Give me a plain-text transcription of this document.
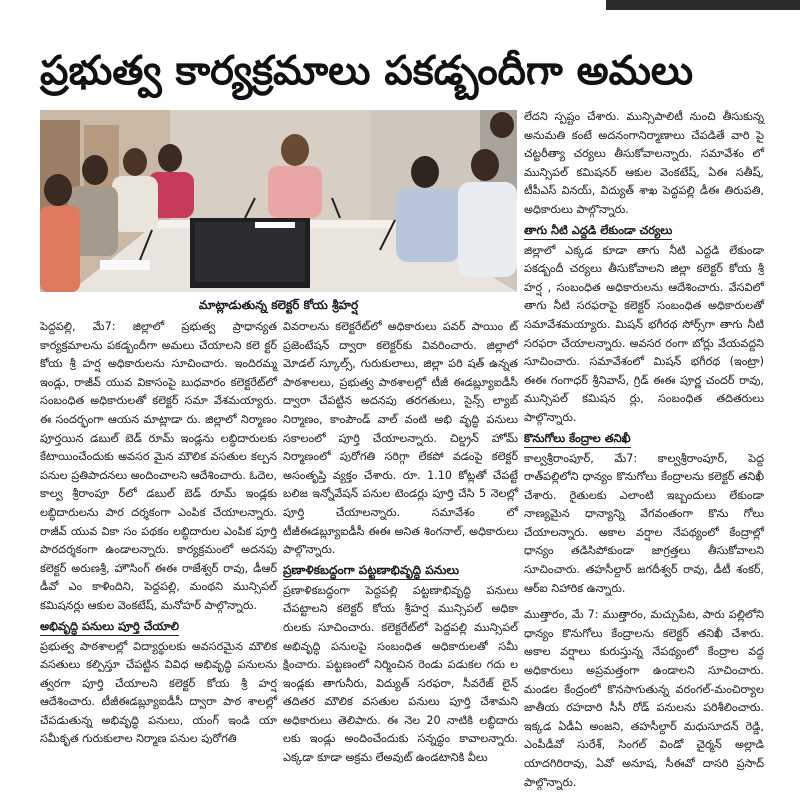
ప్రభుత్వ కార్యక్రమాలు పకడ్బందీగా అమలు
మాట్లాడుతున్న కలెక్టర్ కోయ శ్రీహర్ష

పెద్దపల్లి, మే7: జిల్లాలో ప్రభుత్వ ప్రాధాన్యత కార్యక్రమాలను పకడ్బందీగా అమలు చేయాలని కలె క్టర్ కోయ శ్రీ హర్ష అధికారులను సూచించారు. ఇందిరమ్మ ఇండ్లు, రాజీవ్ యువ వికాసంపై బుధవారం కలెక్టరేట్‌లో సంబంధిత అధికారులతో కలెక్టర్ సమా వేశమయ్యారు. ఈ సందర్భంగా ఆయన మాట్లాడా రు. జిల్లాలో నిర్మాణం పూర్తయిన డబుల్ బెడ్ రూమ్ ఇండ్లను లబ్ధిదారులకు కేటాయించేందుకు అవసర మైన మౌలిక వసతుల కల్పన పనుల ప్రతిపాదనలు అందించాలని ఆదేశించారు. ఓదెల, కాల్వ శ్రీరాంపూ ర్‌లో డబుల్ బెడ్ రూమ్ ఇండ్లకు లబ్ధిదారులను పార దర్శకంగా ఎంపిక చేయాలన్నారు. రాజీవ్ యువ వికా సం పథకం లబ్ధిదారుల ఎంపిక పూర్తి పారదర్శకంగా ఉండాలన్నారు. కార్యక్రమంలో అదనపు కలెక్టర్ అరుణశ్రీ, హౌసింగ్ ఈఈ రాజేశ్వర్ రావు, డీఆర్ డీవో ఎం కాళిందిని, పెద్దపల్లి, మంథని మున్సిపల్ కమిషనర్లు ఆకుల వెంకటేష్, మనోహర్ పాల్గొన్నారు.

అభివృద్ధి పనులు పూర్తి చేయాలి

ప్రభుత్వ పాఠశాలల్లో విద్యార్థులకు అవసరమైన మౌలిక వసతులు కల్పిస్తూ చేపట్టిన వివిధ అభివృద్ధి పనులను త్వరగా పూర్తి చేయాలని కలెక్టర్ కోయ శ్రీ హర్ష ఆదేశించారు. టీజీఈడబ్ల్యూఐడీసీ ద్వారా పాఠ శాలల్లో చేపడుతున్న అభివృద్ధి పనులు, యంగ్ ఇండి యా సమీకృత గురుకులాల నిర్మాణ పనుల పురోగతి

వివరాలను కలెక్టరేట్‌లో అధికారులు పవర్ పాయిం ట్ ప్రజెంటేషన్ ద్వారా కలెక్టర్‌కు వివరించారు. జిల్లాలో మోడల్ స్కూల్స్, గురుకులాలు, జిల్లా పరి షత్ ఉన్నత పాఠశాలలు, ప్రభుత్వ పాఠశాలల్లో టీజీ ఈడబ్ల్యూఐడీసీ ద్వారా చేపట్టిన అదనపు తరగతులు, సైన్స్ ల్యాబ్ నిర్మాణం, కాంపౌండ్ వాల్ వంటి అభి వృద్ధి పనులు సకాలంలో పూర్తి చేయాలన్నారు. చిల్డ్రన్ హోమ్ నిర్మాణంలో పురోగతి సరిగ్గా లేకపో వడంపై కలెక్టర్ అసంతృప్తి వ్యక్తం చేశారు. రూ. 1.10 కోట్లతో చేపట్టే బలిజ ఇన్నోవేషన్ పనుల టెండర్లు పూర్తి చేసి 5 నెలల్లో పూర్తి చేయాలన్నారు. సమావేశం లో టీజీఈడబ్ల్యూఐడీసీ ఈఈ అనిత శింగనాల్, అధికారులు పాల్గొన్నారు.

ప్రణాళికబద్ధంగా పట్టణాభివృద్ధి పనులు

ప్రణాళికబద్ధంగా పెద్దపల్లి పట్టణాభివృద్ధి పనులు చేపట్టాలని కలెక్టర్ కోయ శ్రీహర్ష మున్సిపల్ అధికా రులకు సూచించారు. కలెక్టరేట్‌లో పెద్దపల్లి మున్సిపల్ అభివృద్ధి పనులపై సంబంధిత అధికారులతో సమీ క్షించారు. పట్టణంలో నిర్మించిన రెండు పడుకల గదు ల ఇండ్లకు తాగునీరు, విద్యుత్ సరఫరా, సీవరేజ్ లైన్ తదితర మౌలిక వసతుల పనులు పూర్తి చేశామని అధికారులు తెలిపారు. ఈ నెల 20 నాటికి లబ్ధిదారు లకు ఇండ్లు అందించేందుకు సన్నద్ధం కావాలన్నారు. ఎక్కడా కూడా అక్రమ లేఅవుట్ ఉండటానికి వీలు

లేదని స్పష్టం చేశారు. మున్సిపాలిటీ నుంచి తీసుకున్న అనుమతి కంటే అదనంగానిర్మాణాలు చేపడితే వారి పై చట్టరీత్యా చర్యలు తీసుకోవాలన్నారు. సమావేశం లో మున్సిపల్ కమిషనర్ ఆకుల వెంకటేష్, ఏఈ సతీష్, టీపీఎస్ వినయ్, విద్యుత్ శాఖ పెద్దపల్లి డీఈ తిరుపతి, అధికారులు పాల్గొన్నారు.

తాగు నీటి ఎద్దడి లేకుండా చర్యలు

జిల్లాలో ఎక్కడ కూడా తాగు నీటి ఎద్దడి లేకుండా పకడ్బందీ చర్యలు తీసుకోవాలని జిల్లా కలెక్టర్ కోయ శ్రీ హర్ష , సంబంధిత అధికారులను ఆదేశించారు. వేసవిలో తాగు నీటి సరఫరాపై కలెక్టర్ సంబంధిత అధికారులతో సమావేశమయ్యారు. మిషన్ భగీరథ సోర్స్‌గా తాగు నీటి సరఫరా చేయాలన్నారు. అవసర రంగా బోర్లు వేయవద్దని సూచించారు. సమావేశంలో మిషన్ భగీరథ (ఇంట్రా) ఈఈ గంగాధర్ శ్రీనివాస్, గ్రిడ్ ఈఈ పూర్ణ చందర్ రావు, మున్సిపల్ కమిషన ర్లు, సంబంధిత తదితరులు పాల్గొన్నారు.

కొనుగోలు కేంద్రాల తనిఖీ

కాల్వశ్రీరాంపూర్, మే7: కాల్వశ్రీరాంపూర్, పెద్ద రాత్‌పల్లిలోని ధాన్యం కొనుగోలు కేంద్రాలను కలెక్టర్ తనిఖీ చేశారు. రైతులకు ఎలాంటి ఇబ్బందులు లేకుండా నాణ్యమైన ధాన్యాన్ని వేగవంతంగా కొను గోలు చేయాలన్నారు. అకాల వర్షాల నేపథ్యంలో కేంద్రాల్లో ధాన్యం తడిసిపోకుండా జాగ్రత్తలు తీసుకోవాలని సూచించారు. తహసీల్దార్ జగదీశ్వర్ రావు, డీటీ శంకర్, ఆర్ఐ నిహారిక ఉన్నారు.

ముత్తారం, మే 7: ముత్తారం, మచ్చుపేట, పారు పల్లిలోని ధాన్యం కొనుగోలు కేంద్రాలను కలెక్టర్ తనిఖీ చేశారు. అకాల వర్షాలు కురుస్తున్న నేపథ్యంలో కేంద్రాల వద్ద అధికారులు అప్రమత్తంగా ఉండాలని సూచించారు. మండల కేంద్రంలో కొనసాగుతున్న వరంగల్-మంచిర్యాల జాతీయ రహదారి సీసీ రోడ్ పనులను పరిశీలించారు. ఇక్కడ ఏడీఏ అంజని, తహసీల్దార్ మధుసూదన్ రెడ్డి, ఎంపీడీవో సురేశ్, సింగల్ విండో చైర్మన్ అల్లాడి యాదగిరిరావు, ఏవో అనూష, సీఈవో దాసరి ప్రసాద్ పాల్గొన్నారు.
